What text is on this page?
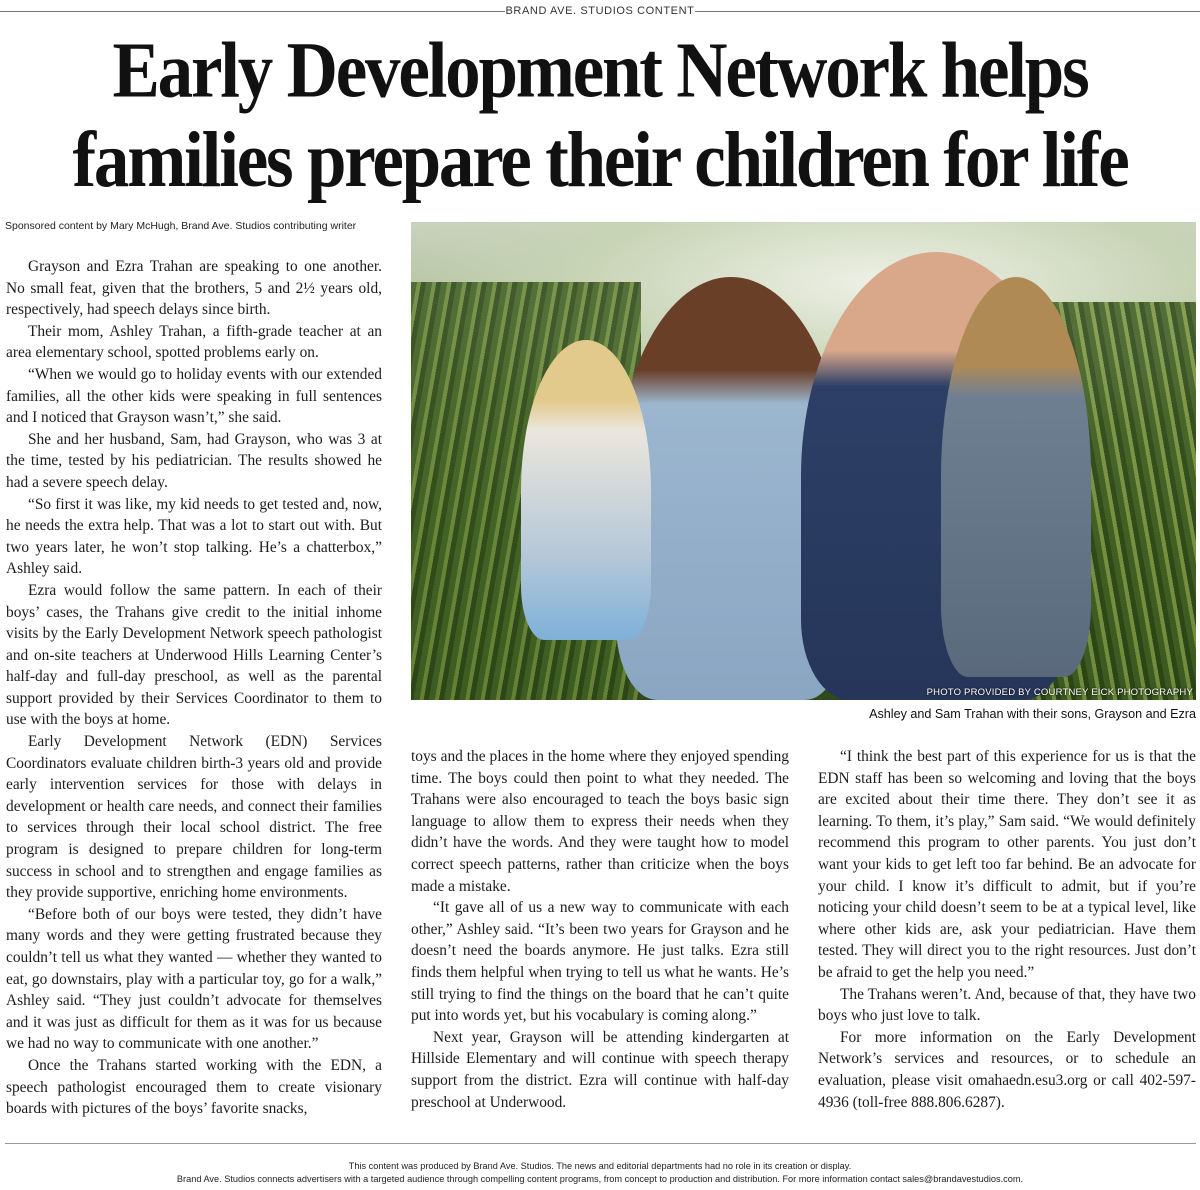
BRAND AVE. STUDIOS CONTENT
Early Development Network helps
families prepare their children for life
Sponsored content by Mary McHugh, Brand Ave. Studios contributing writer

Grayson and Ezra Trahan are speaking to one another. No small feat, given that the brothers, 5 and 2½ years old, respectively, had speech delays since birth.

Their mom, Ashley Trahan, a fifth-grade teacher at an area elementary school, spotted problems early on.

“When we would go to holiday events with our extended families, all the other kids were speaking in full sentences and I noticed that Grayson wasn’t,” she said.

She and her husband, Sam, had Grayson, who was 3 at the time, tested by his pediatrician. The results showed he had a severe speech delay.

“So first it was like, my kid needs to get tested and, now, he needs the extra help. That was a lot to start out with. But two years later, he won’t stop talking. He’s a chatterbox,” Ashley said.

Ezra would follow the same pattern. In each of their boys’ cases, the Trahans give credit to the initial inhome visits by the Early Development Network speech pathologist and on-site teachers at Underwood Hills Learning Center’s half-day and full-day preschool, as well as the parental support provided by their Services Coordinator to them to use with the boys at home.

Early Development Network (EDN) Services Coordinators evaluate children birth-3 years old and provide early intervention services for those with delays in development or health care needs, and connect their families to services through their local school district. The free program is designed to prepare children for long-term success in school and to strengthen and engage families as they provide supportive, enriching home environments.

“Before both of our boys were tested, they didn’t have many words and they were getting frustrated because they couldn’t tell us what they wanted — whether they wanted to eat, go downstairs, play with a particular toy, go for a walk,” Ashley said. “They just couldn’t advocate for themselves and it was just as difficult for them as it was for us because we had no way to communicate with one another.”

Once the Trahans started working with the EDN, a speech pathologist encouraged them to create visionary boards with pictures of the boys’ favorite snacks,

PHOTO PROVIDED BY COURTNEY EICK PHOTOGRAPHY
Ashley and Sam Trahan with their sons, Grayson and Ezra

toys and the places in the home where they enjoyed spending time. The boys could then point to what they needed. The Trahans were also encouraged to teach the boys basic sign language to allow them to express their needs when they didn’t have the words. And they were taught how to model correct speech patterns, rather than criticize when the boys made a mistake.

“It gave all of us a new way to communicate with each other,” Ashley said. “It’s been two years for Grayson and he doesn’t need the boards anymore. He just talks. Ezra still finds them helpful when trying to tell us what he wants. He’s still trying to find the things on the board that he can’t quite put into words yet, but his vocabulary is coming along.”

Next year, Grayson will be attending kindergarten at Hillside Elementary and will continue with speech therapy support from the district. Ezra will continue with half-day preschool at Underwood.

“I think the best part of this experience for us is that the EDN staff has been so welcoming and loving that the boys are excited about their time there. They don’t see it as learning. To them, it’s play,” Sam said. “We would definitely recommend this program to other parents. You just don’t want your kids to get left too far behind. Be an advocate for your child. I know it’s difficult to admit, but if you’re noticing your child doesn’t seem to be at a typical level, like where other kids are, ask your pediatrician. Have them tested. They will direct you to the right resources. Just don’t be afraid to get the help you need.”

The Trahans weren’t. And, because of that, they have two boys who just love to talk.

For more information on the Early Development Network’s services and resources, or to schedule an evaluation, please visit omahaedn.esu3.org or call 402-597-4936 (toll-free 888.806.6287).

This content was produced by Brand Ave. Studios. The news and editorial departments had no role in its creation or display.
Brand Ave. Studios connects advertisers with a targeted audience through compelling content programs, from concept to production and distribution. For more information contact sales@brandavestudios.com.
